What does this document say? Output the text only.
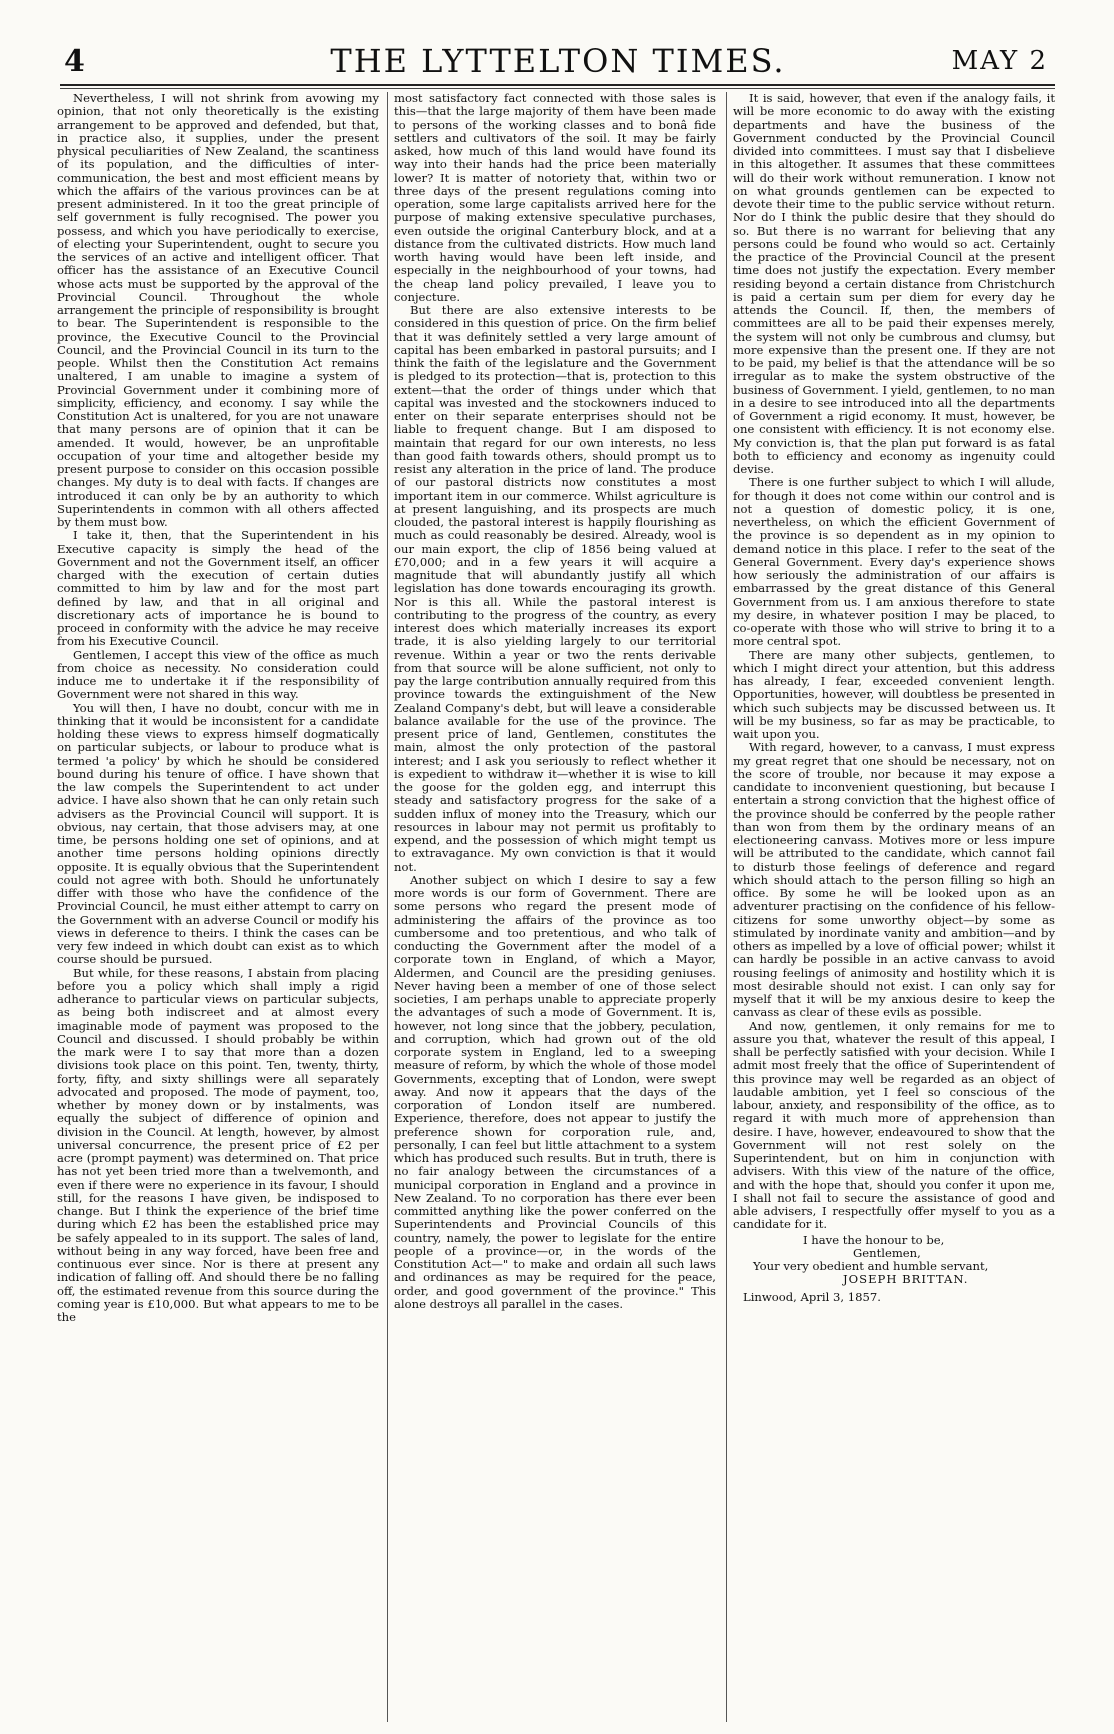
4	THE LYTTELTON TIMES.	MAY 2

Nevertheless, I will not shrink from avowing my opinion, that not only theoretically is the existing arrangement to be approved and defended, but that, in practice also, it supplies, under the present physical peculiarities of New Zealand, the scantiness of its population, and the difficulties of inter-communication, the best and most efficient means by which the affairs of the various provinces can be at present administered. In it too the great principle of self government is fully recognised. The power you possess, and which you have periodically to exercise, of electing your Superintendent, ought to secure you the services of an active and intelligent officer. That officer has the assistance of an Executive Council whose acts must be supported by the approval of the Provincial Council. Throughout the whole arrangement the principle of responsibility is brought to bear. The Superintendent is responsible to the province, the Executive Council to the Provincial Council, and the Provincial Council in its turn to the people. Whilst then the Constitution Act remains unaltered, I am unable to imagine a system of Provincial Government under it combining more of simplicity, efficiency, and economy. I say while the Constitution Act is unaltered, for you are not unaware that many persons are of opinion that it can be amended. It would, however, be an unprofitable occupation of your time and altogether beside my present purpose to consider on this occasion possible changes. My duty is to deal with facts. If changes are introduced it can only be by an authority to which Superintendents in common with all others affected by them must bow.

I take it, then, that the Superintendent in his Executive capacity is simply the head of the Government and not the Government itself, an officer charged with the execution of certain duties committed to him by law and for the most part defined by law, and that in all original and discretionary acts of importance he is bound to proceed in conformity with the advice he may receive from his Executive Council.

Gentlemen, I accept this view of the office as much from choice as necessity. No consideration could induce me to undertake it if the responsibility of Government were not shared in this way.

You will then, I have no doubt, concur with me in thinking that it would be inconsistent for a candidate holding these views to express himself dogmatically on particular subjects, or labour to produce what is termed 'a policy' by which he should be considered bound during his tenure of office. I have shown that the law compels the Superintendent to act under advice. I have also shown that he can only retain such advisers as the Provincial Council will support. It is obvious, nay certain, that those advisers may, at one time, be persons holding one set of opinions, and at another time persons holding opinions directly opposite. It is equally obvious that the Superintendent could not agree with both. Should he unfortunately differ with those who have the confidence of the Provincial Council, he must either attempt to carry on the Government with an adverse Council or modify his views in deference to theirs. I think the cases can be very few indeed in which doubt can exist as to which course should be pursued.

But while, for these reasons, I abstain from placing before you a policy which shall imply a rigid adherance to particular views on particular subjects, as being both indiscreet and at almost every imaginable mode of payment was proposed to the Council and discussed. I should probably be within the mark were I to say that more than a dozen divisions took place on this point. Ten, twenty, thirty, forty, fifty, and sixty shillings were all separately advocated and proposed. The mode of payment, too, whether by money down or by instalments, was equally the subject of difference of opinion and division in the Council. At length, however, by almost universal concurrence, the present price of £2 per acre (prompt payment) was determined on. That price has not yet been tried more than a twelvemonth, and even if there were no experience in its favour, I should still, for the reasons I have given, be indisposed to change. But I think the experience of the brief time during which £2 has been the established price may be safely appealed to in its support. The sales of land, without being in any way forced, have been free and continuous ever since. Nor is there at present any indication of falling off. And should there be no falling off, the estimated revenue from this source during the coming year is £10,000. But what appears to me to be the

most satisfactory fact connected with those sales is this—that the large majority of them have been made to persons of the working classes and to bonâ fide settlers and cultivators of the soil. It may be fairly asked, how much of this land would have found its way into their hands had the price been materially lower? It is matter of notoriety that, within two or three days of the present regulations coming into operation, some large capitalists arrived here for the purpose of making extensive speculative purchases, even outside the original Canterbury block, and at a distance from the cultivated districts. How much land worth having would have been left inside, and especially in the neighbourhood of your towns, had the cheap land policy prevailed, I leave you to conjecture.

But there are also extensive interests to be considered in this question of price. On the firm belief that it was definitely settled a very large amount of capital has been embarked in pastoral pursuits; and I think the faith of the legislature and the Government is pledged to its protection—that is, protection to this extent—that the order of things under which that capital was invested and the stockowners induced to enter on their separate enterprises should not be liable to frequent change. But I am disposed to maintain that regard for our own interests, no less than good faith towards others, should prompt us to resist any alteration in the price of land. The produce of our pastoral districts now constitutes a most important item in our commerce. Whilst agriculture is at present languishing, and its prospects are much clouded, the pastoral interest is happily flourishing as much as could reasonably be desired. Already, wool is our main export, the clip of 1856 being valued at £70,000; and in a few years it will acquire a magnitude that will abundantly justify all which legislation has done towards encouraging its growth. Nor is this all. While the pastoral interest is contributing to the progress of the country, as every interest does which materially increases its export trade, it is also yielding largely to our territorial revenue. Within a year or two the rents derivable from that source will be alone sufficient, not only to pay the large contribution annually required from this province towards the extinguishment of the New Zealand Company's debt, but will leave a considerable balance available for the use of the province. The present price of land, Gentlemen, constitutes the main, almost the only protection of the pastoral interest; and I ask you seriously to reflect whether it is expedient to withdraw it—whether it is wise to kill the goose for the golden egg, and interrupt this steady and satisfactory progress for the sake of a sudden influx of money into the Treasury, which our resources in labour may not permit us profitably to expend, and the possession of which might tempt us to extravagance. My own conviction is that it would not.

Another subject on which I desire to say a few more words is our form of Government. There are some persons who regard the present mode of administering the affairs of the province as too cumbersome and too pretentious, and who talk of conducting the Government after the model of a corporate town in England, of which a Mayor, Aldermen, and Council are the presiding geniuses. Never having been a member of one of those select societies, I am perhaps unable to appreciate properly the advantages of such a mode of Government. It is, however, not long since that the jobbery, peculation, and corruption, which had grown out of the old corporate system in England, led to a sweeping measure of reform, by which the whole of those model Governments, excepting that of London, were swept away. And now it appears that the days of the corporation of London itself are numbered. Experience, therefore, does not appear to justify the preference shown for corporation rule, and, personally, I can feel but little attachment to a system which has produced such results. But in truth, there is no fair analogy between the circumstances of a municipal corporation in England and a province in New Zealand. To no corporation has there ever been committed anything like the power conferred on the Superintendents and Provincial Councils of this country, namely, the power to legislate for the entire people of a province—or, in the words of the Constitution Act—" to make and ordain all such laws and ordinances as may be required for the peace, order, and good government of the province." This alone destroys all parallel in the cases.

It is said, however, that even if the analogy fails, it will be more economic to do away with the existing departments and have the business of the Government conducted by the Provincial Council divided into committees. I must say that I disbelieve in this altogether. It assumes that these committees will do their work without remuneration. I know not on what grounds gentlemen can be expected to devote their time to the public service without return. Nor do I think the public desire that they should do so. But there is no warrant for believing that any persons could be found who would so act. Certainly the practice of the Provincial Council at the present time does not justify the expectation. Every member residing beyond a certain distance from Christchurch is paid a certain sum per diem for every day he attends the Council. If, then, the members of committees are all to be paid their expenses merely, the system will not only be cumbrous and clumsy, but more expensive than the present one. If they are not to be paid, my belief is that the attendance will be so irregular as to make the system obstructive of the business of Government. I yield, gentlemen, to no man in a desire to see introduced into all the departments of Government a rigid economy. It must, however, be one consistent with efficiency. It is not economy else. My conviction is, that the plan put forward is as fatal both to efficiency and economy as ingenuity could devise.

There is one further subject to which I will allude, for though it does not come within our control and is not a question of domestic policy, it is one, nevertheless, on which the efficient Government of the province is so dependent as in my opinion to demand notice in this place. I refer to the seat of the General Government. Every day's experience shows how seriously the administration of our affairs is embarrassed by the great distance of this General Government from us. I am anxious therefore to state my desire, in whatever position I may be placed, to co-operate with those who will strive to bring it to a more central spot.

There are many other subjects, gentlemen, to which I might direct your attention, but this address has already, I fear, exceeded convenient length. Opportunities, however, will doubtless be presented in which such subjects may be discussed between us. It will be my business, so far as may be practicable, to wait upon you.

With regard, however, to a canvass, I must express my great regret that one should be necessary, not on the score of trouble, nor because it may expose a candidate to inconvenient questioning, but because I entertain a strong conviction that the highest office of the province should be conferred by the people rather than won from them by the ordinary means of an electioneering canvass. Motives more or less impure will be attributed to the candidate, which cannot fail to disturb those feelings of deference and regard which should attach to the person filling so high an office. By some he will be looked upon as an adventurer practising on the confidence of his fellow-citizens for some unworthy object—by some as stimulated by inordinate vanity and ambition—and by others as impelled by a love of official power; whilst it can hardly be possible in an active canvass to avoid rousing feelings of animosity and hostility which it is most desirable should not exist. I can only say for myself that it will be my anxious desire to keep the canvass as clear of these evils as possible.

And now, gentlemen, it only remains for me to assure you that, whatever the result of this appeal, I shall be perfectly satisfied with your decision. While I admit most freely that the office of Superintendent of this province may well be regarded as an object of laudable ambition, yet I feel so conscious of the labour, anxiety, and responsibility of the office, as to regard it with much more of apprehension than desire. I have, however, endeavoured to show that the Government will not rest solely on the Superintendent, but on him in conjunction with advisers. With this view of the nature of the office, and with the hope that, should you confer it upon me, I shall not fail to secure the assistance of good and able advisers, I respectfully offer myself to you as a candidate for it.

I have the honour to be,
Gentlemen,
Your very obedient and humble servant,
JOSEPH BRITTAN.
Linwood, April 3, 1857.
